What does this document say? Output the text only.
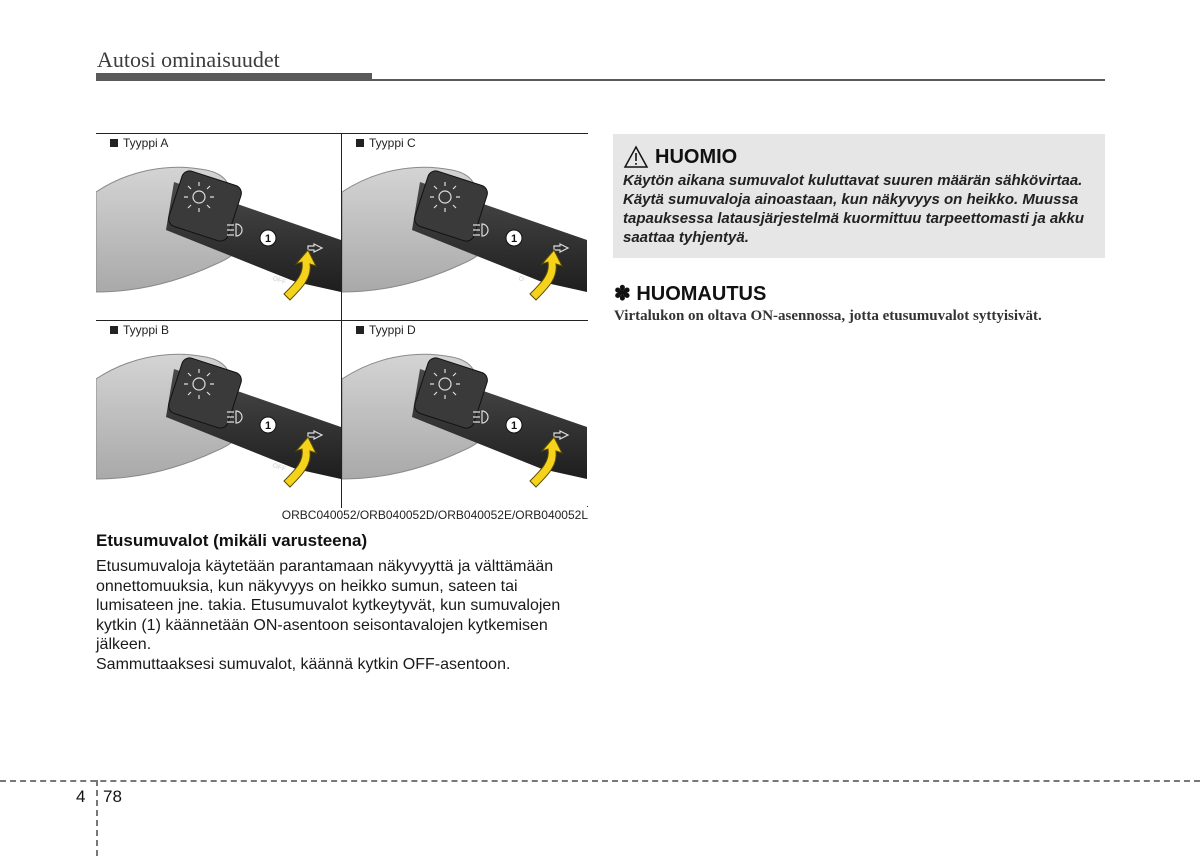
Autosi ominaisuudet
Tyyppi A
1
OFF
Tyyppi C
1
O
Tyyppi B
1
OFF
Tyyppi D
1
ORBC040052/ORB040052D/ORB040052E/ORB040052L
Etusumuvalot (mikäli varusteena)

Etusumuvaloja käytetään parantamaan näkyvyyttä ja välttämään onnettomuuksia, kun näkyvyys on heikko sumun, sateen tai lumisateen jne. takia. Etusumuvalot kytkeytyvät, kun sumuvalojen kytkin (1) käännetään ON-asentoon seisontavalojen kytkemisen jälkeen.

Sammuttaaksesi sumuvalot, käännä kytkin OFF-asentoon.

HUOMIO
Käytön aikana sumuvalot kuluttavat suuren määrän sähkövirtaa. Käytä sumuvaloja ainoastaan, kun näkyvyys on heikko. Muussa tapauksessa latausjärjestelmä kuormittuu tarpeettomasti ja akku saattaa tyhjentyä.
✽ HUOMAUTUS
Virtalukon on oltava ON-asennossa, jotta etusumuvalot syttyisivät.
4 78
